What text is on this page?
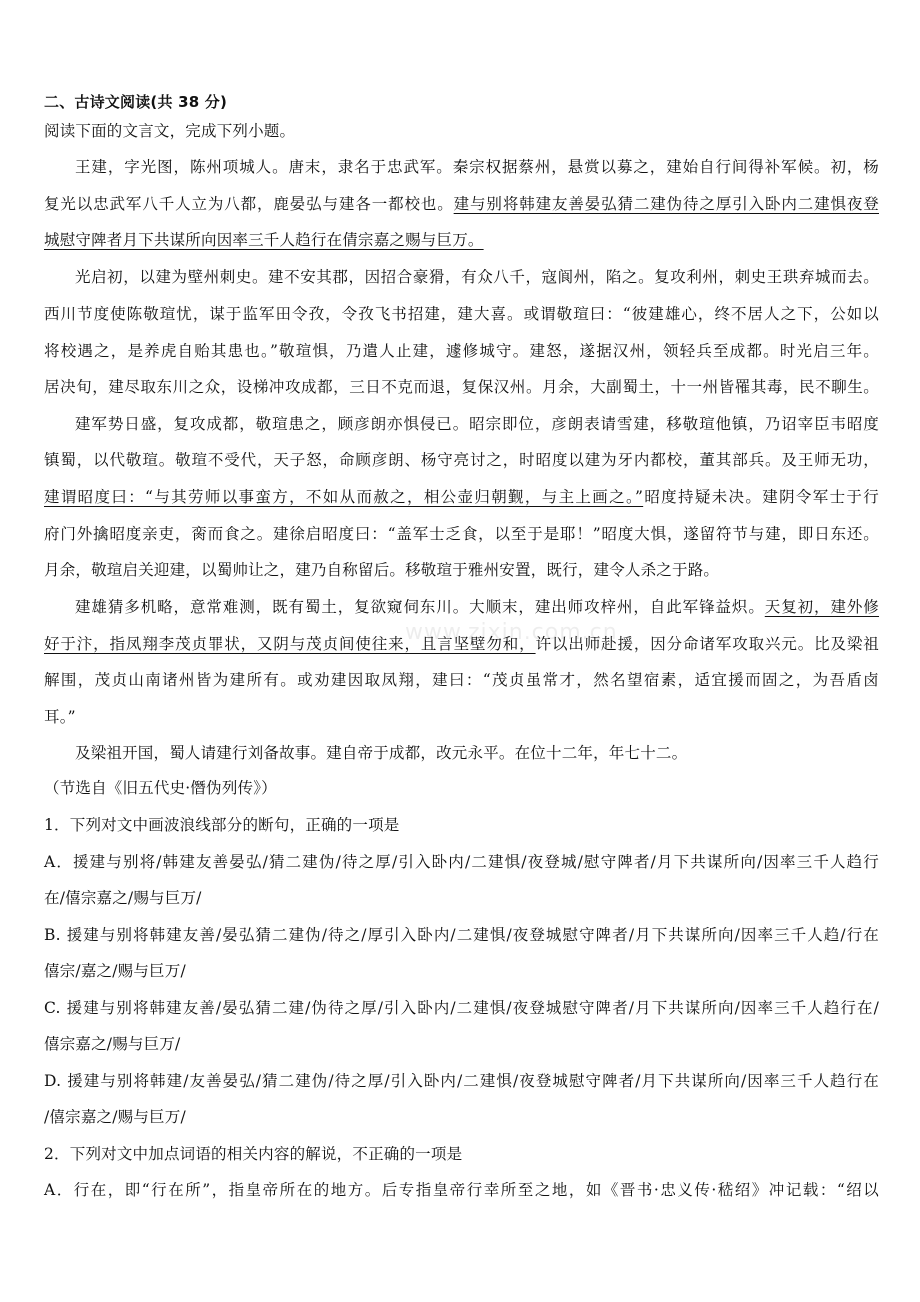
二、古诗文阅读(共 38 分)
阅读下面的文言文，完成下列小题。
王建，字光图，陈州项城人。唐末，隶名于忠武军。秦宗权据蔡州，悬赏以募之，建始自行间得补军候。初，杨
复光以忠武军八千人立为八都，鹿晏弘与建各一都校也。建与别将韩建友善晏弘猜二建伪待之厚引入卧内二建惧夜登
城慰守陴者月下共谋所向因率三千人趋行在倩宗嘉之赐与巨万。
光启初，以建为壁州刺史。建不安其郡，因招合豪猾，有众八千，寇阆州，陷之。复攻利州，刺史王珙弃城而去。
西川节度使陈敬瑄忧，谋于监军田令孜，令孜飞书招建，建大喜。或谓敬瑄曰：“彼建雄心，终不居人之下，公如以
将校遇之，是养虎自贻其患也。”敬瑄惧，乃遣人止建，遽修城守。建怒，遂据汉州，领轻兵至成都。时光启三年。
居决旬，建尽取东川之众，设梯冲攻成都，三日不克而退，复保汉州。月余，大副蜀土，十一州皆罹其毒，民不聊生。
建军势日盛，复攻成都，敬瑄患之，顾彦朗亦惧侵已。昭宗即位，彦朗表请雪建，移敬瑄他镇，乃诏宰臣韦昭度
镇蜀，以代敬瑄。敬瑄不受代，天子怒，命顾彦朗、杨守亮讨之，时昭度以建为牙内都校，董其部兵。及王师无功，
建谓昭度曰：“与其劳师以事蛮方，不如从而赦之，相公壶归朝觐，与主上画之。”昭度持疑未决。建阴令军士于行
府门外擒昭度亲吏，脔而食之。建徐启昭度曰：“盖军士乏食，以至于是耶！”昭度大惧，遂留符节与建，即日东还。
月余，敬瑄启关迎建，以蜀帅让之，建乃自称留后。移敬瑄于雅州安置，既行，建令人杀之于路。
建雄猜多机略，意常难测，既有蜀土，复欲窥伺东川。大顺末，建出师攻梓州，自此军锋益炽。天复初，建外修
好于汴，指凤翔李茂贞罪状，又阴与茂贞间使往来，且言坚壁勿和，许以出师赴援，因分命诸军攻取兴元。比及梁祖
解围，茂贞山南诸州皆为建所有。或劝建因取凤翔，建曰：“茂贞虽常才，然名望宿素，适宜援而固之，为吾盾卤
耳。”
及梁祖开国，蜀人请建行刘备故事。建自帝于成都，改元永平。在位十二年，年七十二。
（节选自《旧五代史·僭伪列传》）
1．下列对文中画波浪线部分的断句，正确的一项是
A．援建与别将/韩建友善晏弘/猜二建伪/待之厚/引入卧内/二建惧/夜登城/慰守陴者/月下共谋所向/因率三千人趋行
在/僖宗嘉之/赐与巨万/
B. 援建与别将韩建友善/晏弘猜二建伪/待之/厚引入卧内/二建惧/夜登城慰守陴者/月下共谋所向/因率三千人趋/行在
僖宗/嘉之/赐与巨万/
C. 援建与别将韩建友善/晏弘猜二建/伪待之厚/引入卧内/二建惧/夜登城慰守陴者/月下共谋所向/因率三千人趋行在/
僖宗嘉之/赐与巨万/
D. 援建与别将韩建/友善晏弘/猜二建伪/待之厚/引入卧内/二建惧/夜登城慰守陴者/月下共谋所向/因率三千人趋行在
/僖宗嘉之/赐与巨万/
2．下列对文中加点词语的相关内容的解说，不正确的一项是
A．行在，即“行在所”，指皇帝所在的地方。后专指皇帝行幸所至之地，如《晋书·忠义传·嵇绍》冲记载：“绍以
www.zixin.com.cn
